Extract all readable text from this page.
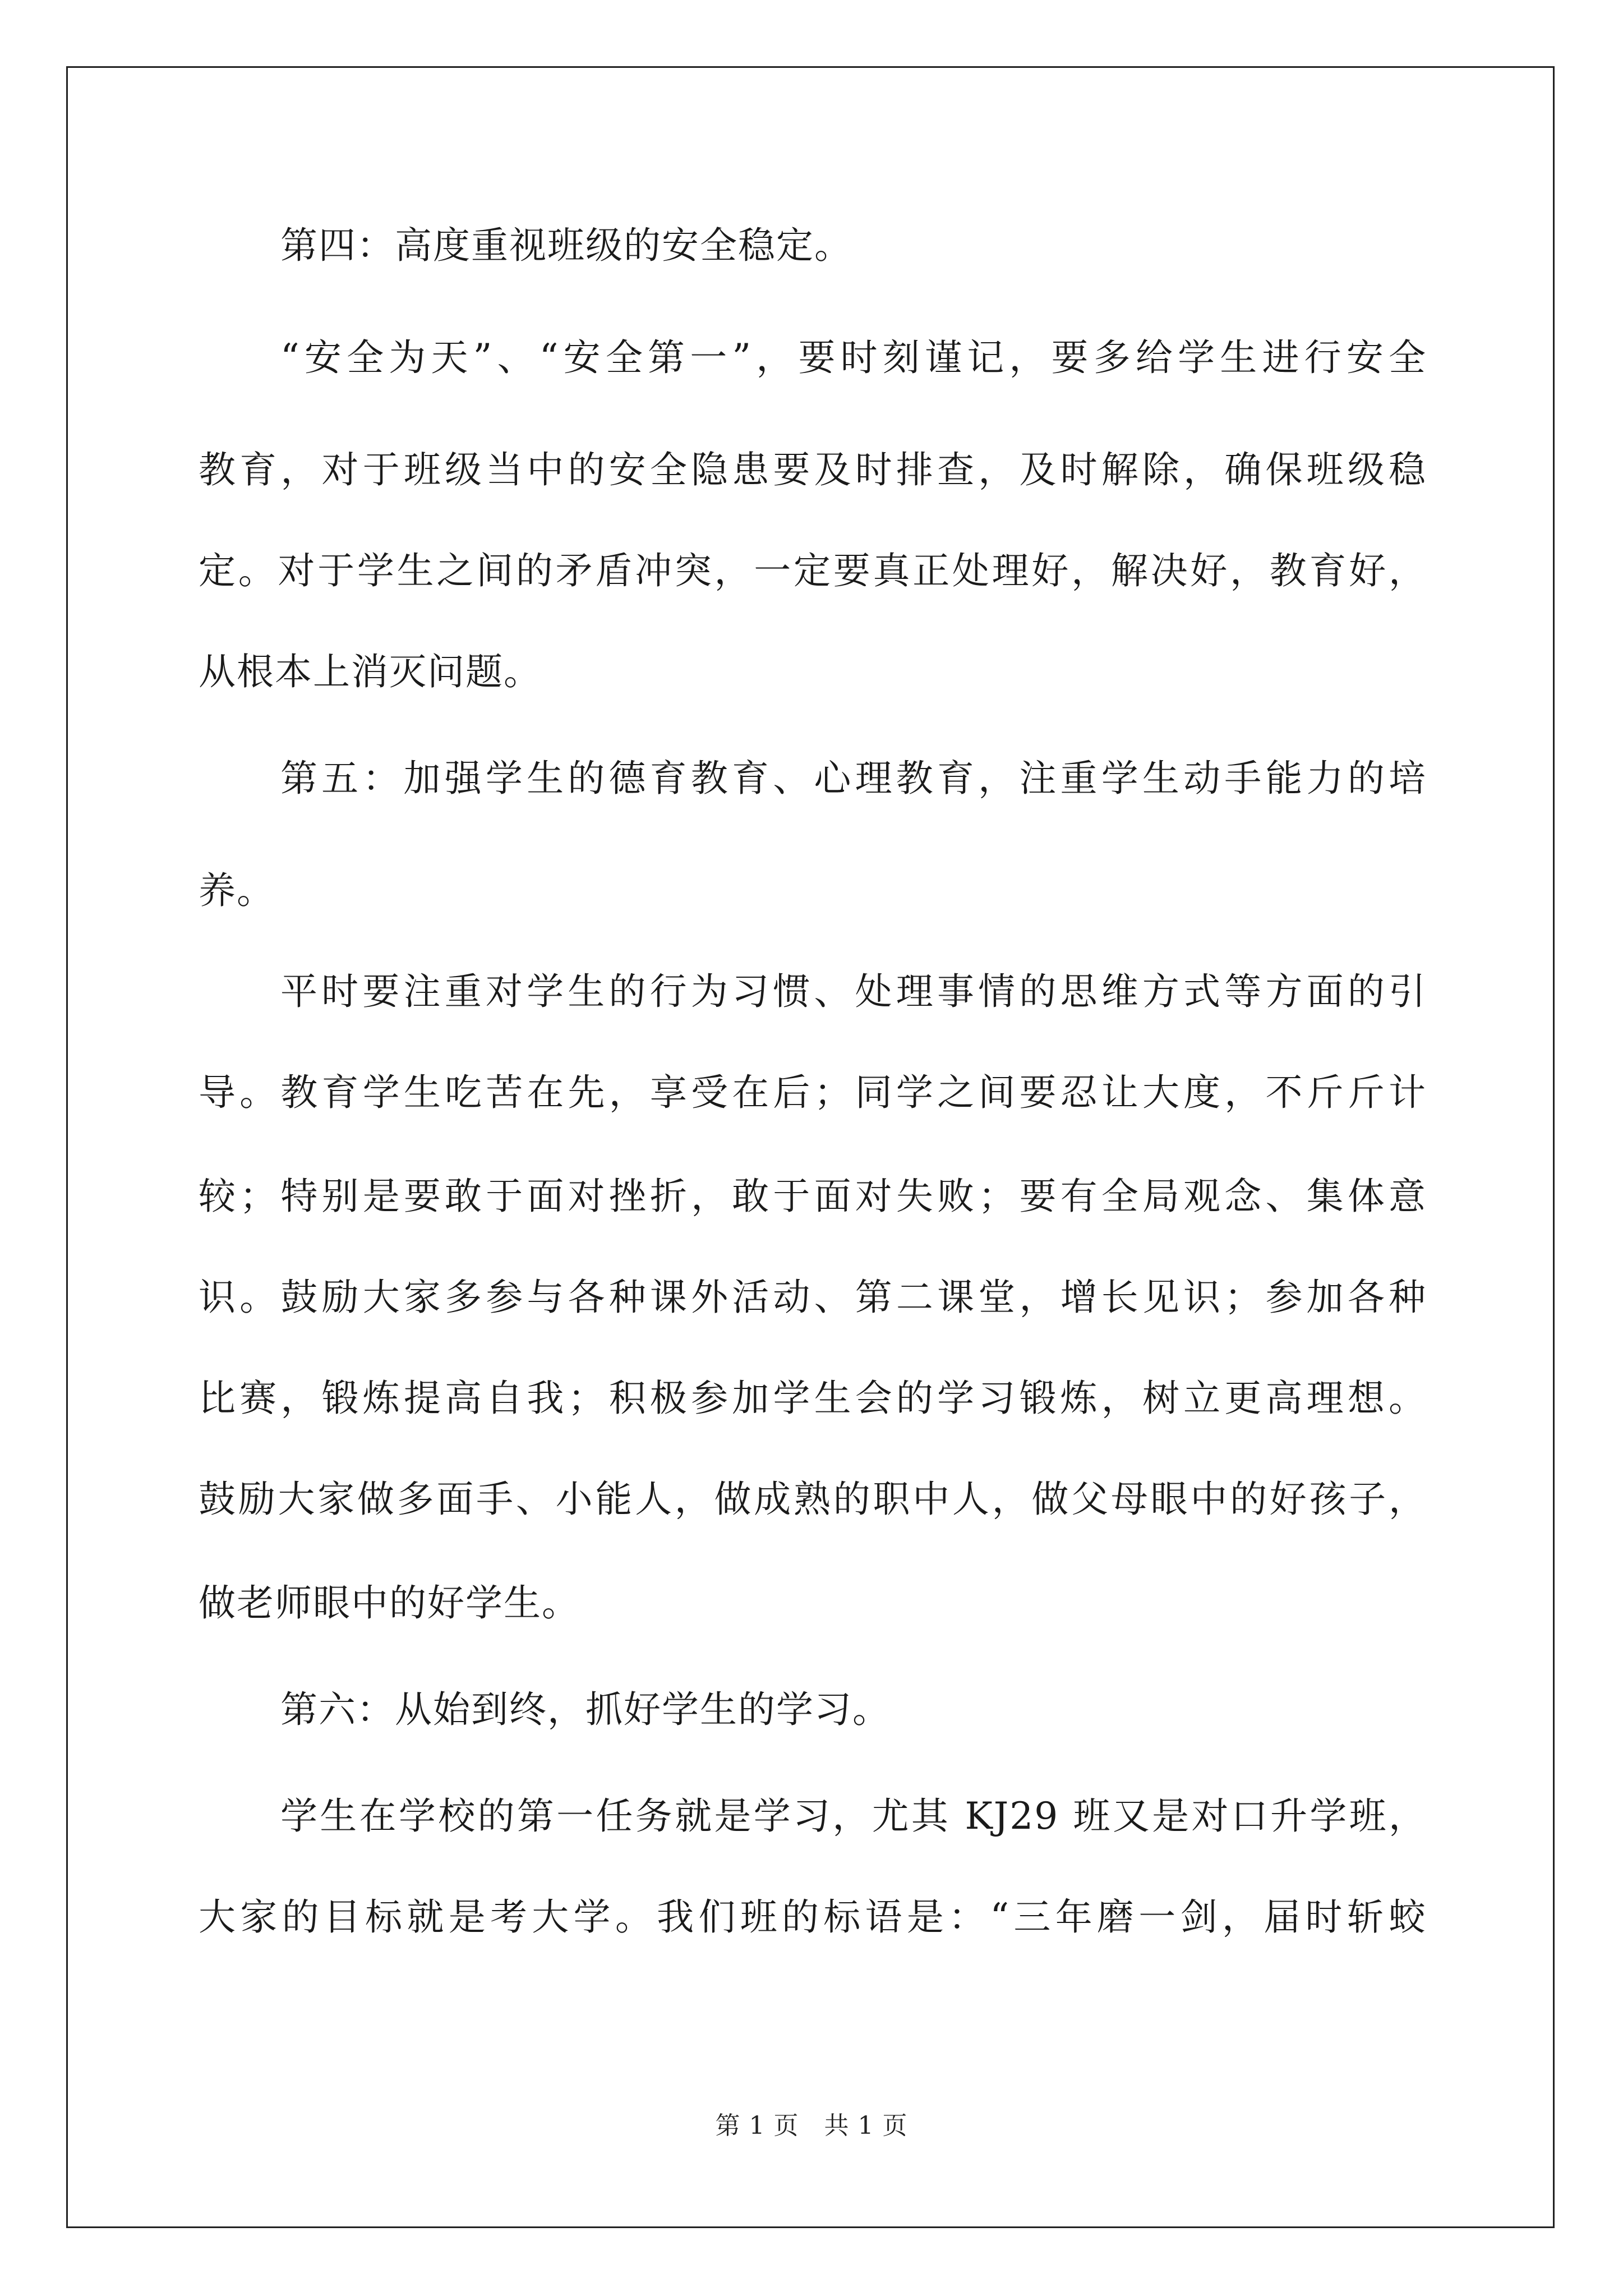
第四：高度重视班级的安全稳定。
“安全为天”、“安全第一”，要时刻谨记，要多给学生进行安全
教育，对于班级当中的安全隐患要及时排查，及时解除，确保班级稳
定。对于学生之间的矛盾冲突，一定要真正处理好，解决好，教育好，
从根本上消灭问题。
第五：加强学生的德育教育、心理教育，注重学生动手能力的培
养。
平时要注重对学生的行为习惯、处理事情的思维方式等方面的引
导。教育学生吃苦在先，享受在后；同学之间要忍让大度，不斤斤计
较；特别是要敢于面对挫折，敢于面对失败；要有全局观念、集体意
识。鼓励大家多参与各种课外活动、第二课堂，增长见识；参加各种
比赛，锻炼提高自我；积极参加学生会的学习锻炼，树立更高理想。
鼓励大家做多面手、小能人，做成熟的职中人，做父母眼中的好孩子，
做老师眼中的好学生。
第六：从始到终，抓好学生的学习。
学生在学校的第一任务就是学习，尤其 KJ29 班又是对口升学班，
大家的目标就是考大学。我们班的标语是：“三年磨一剑，届时斩蛟
第 1 页 共 1 页
